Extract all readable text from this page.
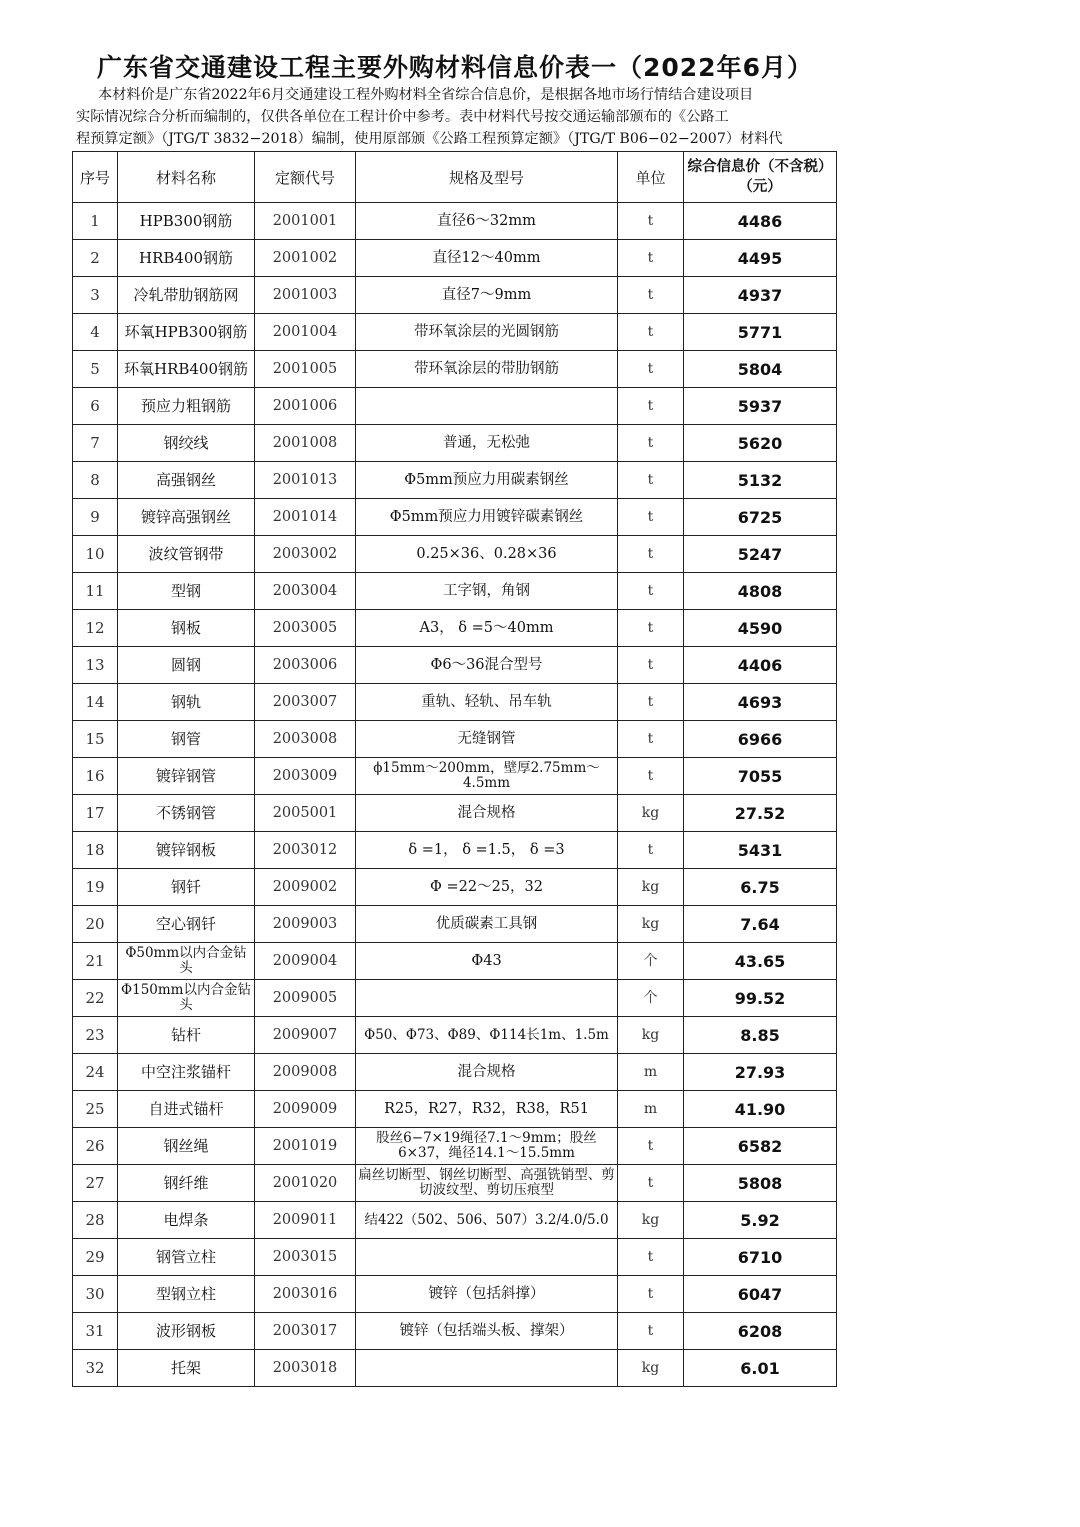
广东省交通建设工程主要外购材料信息价表一（2022年6月）
本材料价是广东省2022年6月交通建设工程外购材料全省综合信息价，是根据各地市场行情结合建设项目
实际情况综合分析而编制的，仅供各单位在工程计价中参考。表中材料代号按交通运输部颁布的《公路工
程预算定额》（JTG/T 3832−2018）编制，使用原部颁《公路工程预算定额》（JTG/T B06−02−2007）材料代
序号	材料名称	定额代号	规格及型号	单位	综合信息价（不含税）（元）
1	HPB300钢筋	2001001	直径6～32mm	t	4486
2	HRB400钢筋	2001002	直径12～40mm	t	4495
3	冷轧带肋钢筋网	2001003	直径7～9mm	t	4937
4	环氧HPB300钢筋	2001004	带环氧涂层的光圆钢筋	t	5771
5	环氧HRB400钢筋	2001005	带环氧涂层的带肋钢筋	t	5804
6	预应力粗钢筋	2001006		t	5937
7	钢绞线	2001008	普通，无松弛	t	5620
8	高强钢丝	2001013	Φ5mm预应力用碳素钢丝	t	5132
9	镀锌高强钢丝	2001014	Φ5mm预应力用镀锌碳素钢丝	t	6725
10	波纹管钢带	2003002	0.25×36、0.28×36	t	5247
11	型钢	2003004	工字钢，角钢	t	4808
12	钢板	2003005	A3， δ =5～40mm	t	4590
13	圆钢	2003006	Φ6～36混合型号	t	4406
14	钢轨	2003007	重轨、轻轨、吊车轨	t	4693
15	钢管	2003008	无缝钢管	t	6966
16	镀锌钢管	2003009	ϕ15mm～200mm，壁厚2.75mm～4.5mm	t	7055
17	不锈钢管	2005001	混合规格	kg	27.52
18	镀锌钢板	2003012	δ =1， δ =1.5， δ =3	t	5431
19	钢钎	2009002	Φ =22～25，32	kg	6.75
20	空心钢钎	2009003	优质碳素工具钢	kg	7.64
21	Φ50mm以内合金钻头	2009004	Φ43	个	43.65
22	Φ150mm以内合金钻头	2009005		个	99.52
23	钻杆	2009007	Φ50、Φ73、Φ89、Φ114长1m、1.5m	kg	8.85
24	中空注浆锚杆	2009008	混合规格	m	27.93
25	自进式锚杆	2009009	R25，R27，R32，R38，R51	m	41.90
26	钢丝绳	2001019	股丝6−7×19绳径7.1～9mm；股丝6×37，绳径14.1～15.5mm	t	6582
27	钢纤维	2001020	扁丝切断型、钢丝切断型、高强铣销型、剪切波纹型、剪切压痕型	t	5808
28	电焊条	2009011	结422（502、506、507）3.2/4.0/5.0	kg	5.92
29	钢管立柱	2003015		t	6710
30	型钢立柱	2003016	镀锌（包括斜撑）	t	6047
31	波形钢板	2003017	镀锌（包括端头板、撑架）	t	6208
32	托架	2003018		kg	6.01
